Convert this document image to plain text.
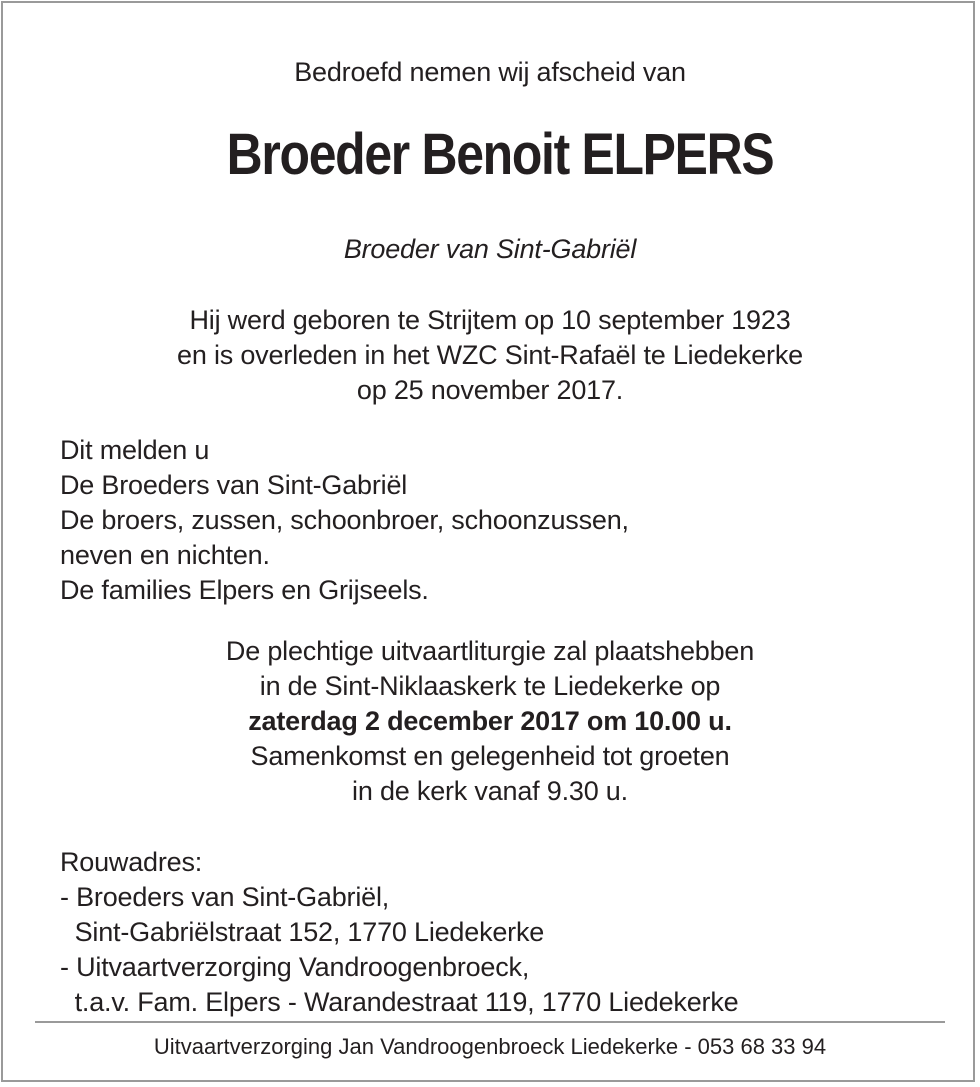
Bedroefd nemen wij afscheid van
Broeder Benoit ELPERS
Broeder van Sint-Gabriël
Hij werd geboren te Strijtem op 10 september 1923
en is overleden in het WZC Sint-Rafaël te Liedekerke
op 25 november 2017.
Dit melden u
De Broeders van Sint-Gabriël
De broers, zussen, schoonbroer, schoonzussen,
neven en nichten.
De families Elpers en Grijseels.
De plechtige uitvaartliturgie zal plaatshebben
in de Sint-Niklaaskerk te Liedekerke op
zaterdag 2 december 2017 om 10.00 u.
Samenkomst en gelegenheid tot groeten
in de kerk vanaf 9.30 u.
Rouwadres:
- Broeders van Sint-Gabriël,
Sint-Gabriëlstraat 152, 1770 Liedekerke
- Uitvaartverzorging Vandroogenbroeck,
t.a.v. Fam. Elpers - Warandestraat 119, 1770 Liedekerke
Uitvaartverzorging Jan Vandroogenbroeck Liedekerke - 053 68 33 94
